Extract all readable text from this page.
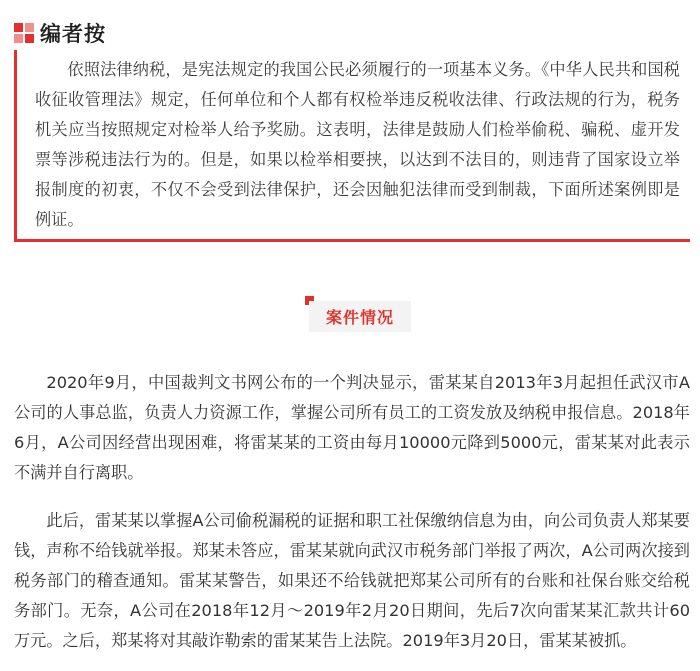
编者按

依照法律纳税，是宪法规定的我国公民必须履行的一项基本义务。《中华人民共和国税收征收管理法》规定，任何单位和个人都有权检举违反税收法律、行政法规的行为，税务机关应当按照规定对检举人给予奖励。这表明，法律是鼓励人们检举偷税、骗税、虚开发票等涉税违法行为的。但是，如果以检举相要挟，以达到不法目的，则违背了国家设立举报制度的初衷，不仅不会受到法律保护，还会因触犯法律而受到制裁，下面所述案例即是例证。

案件情况

2020年9月，中国裁判文书网公布的一个判决显示，雷某某自2013年3月起担任武汉市A公司的人事总监，负责人力资源工作，掌握公司所有员工的工资发放及纳税申报信息。2018年6月，A公司因经营出现困难，将雷某某的工资由每月10000元降到5000元，雷某某对此表示不满并自行离职。

此后，雷某某以掌握A公司偷税漏税的证据和职工社保缴纳信息为由，向公司负责人郑某要钱，声称不给钱就举报。郑某未答应，雷某某就向武汉市税务部门举报了两次，A公司两次接到税务部门的稽查通知。雷某某警告，如果还不给钱就把郑某公司所有的台账和社保台账交给税务部门。无奈，A公司在2018年12月～2019年2月20日期间，先后7次向雷某某汇款共计60万元。之后，郑某将对其敲诈勒索的雷某某告上法院。2019年3月20日，雷某某被抓。
